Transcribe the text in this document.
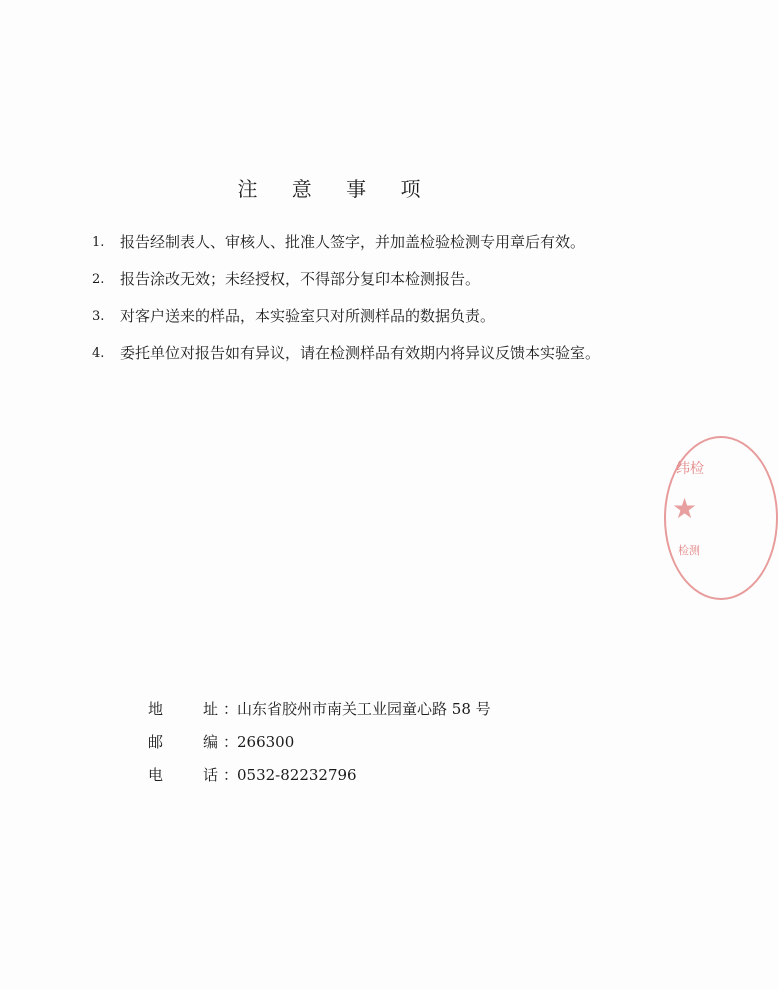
注 意 事 项
1. 报告经制表人、审核人、批准人签字，并加盖检验检测专用章后有效。
2. 报告涂改无效；未经授权，不得部分复印本检测报告。
3. 对客户送来的样品，本实验室只对所测样品的数据负责。
4. 委托单位对报告如有异议，请在检测样品有效期内将异议反馈本实验室。
地	址 ：
山东省胶州市南关工业园童心路 58 号
邮	编 ：
266300
电	话 ：
0532-82232796
纬检
★
检测
